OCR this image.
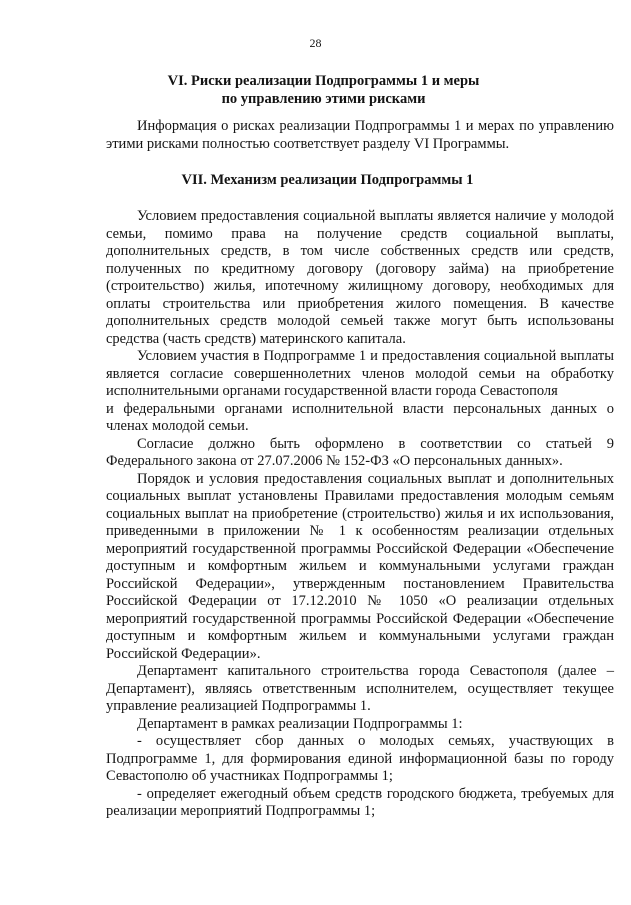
28
VI. Риски реализации Подпрограммы 1 и меры
по управлению этими рисками

Информация о рисках реализации Подпрограммы 1 и мерах по управлению этими рисками полностью соответствует разделу VI Программы.

VII. Механизм реализации Подпрограммы 1

Условием предоставления социальной выплаты является наличие у молодой семьи, помимо права на получение средств социальной выплаты, дополнительных средств, в том числе собственных средств или средств, полученных по кредитному договору (договору займа) на приобретение (строительство) жилья, ипотечному жилищному договору, необходимых для оплаты строительства или приобретения жилого помещения. В качестве дополнительных средств молодой семьей также могут быть использованы средства (часть средств) материнского капитала.

Условием участия в Подпрограмме 1 и предоставления социальной выплаты является согласие совершеннолетних членов молодой семьи на обработку исполнительными органами государственной власти города Севастополя

и федеральными органами исполнительной власти персональных данных о членах молодой семьи.

Согласие должно быть оформлено в соответствии со статьей 9 Федерального закона от 27.07.2006 № 152-ФЗ «О персональных данных».

Порядок и условия предоставления социальных выплат и дополнительных социальных выплат установлены Правилами предоставления молодым семьям социальных выплат на приобретение (строительство) жилья и их использования, приведенными в приложении № 1 к особенностям реализации отдельных мероприятий государственной программы Российской Федерации «Обеспечение доступным и комфортным жильем и коммунальными услугами граждан Российской Федерации», утвержденным постановлением Правительства Российской Федерации от 17.12.2010 № 1050 «О реализации отдельных мероприятий государственной программы Российской Федерации «Обеспечение доступным и комфортным жильем и коммунальными услугами граждан Российской Федерации».

Департамент капитального строительства города Севастополя (далее – Департамент), являясь ответственным исполнителем, осуществляет текущее управление реализацией Подпрограммы 1.

Департамент в рамках реализации Подпрограммы 1:

- осуществляет сбор данных о молодых семьях, участвующих в Подпрограмме 1, для формирования единой информационной базы по городу Севастополю об участниках Подпрограммы 1;

- определяет ежегодный объем средств городского бюджета, требуемых для реализации мероприятий Подпрограммы 1;
